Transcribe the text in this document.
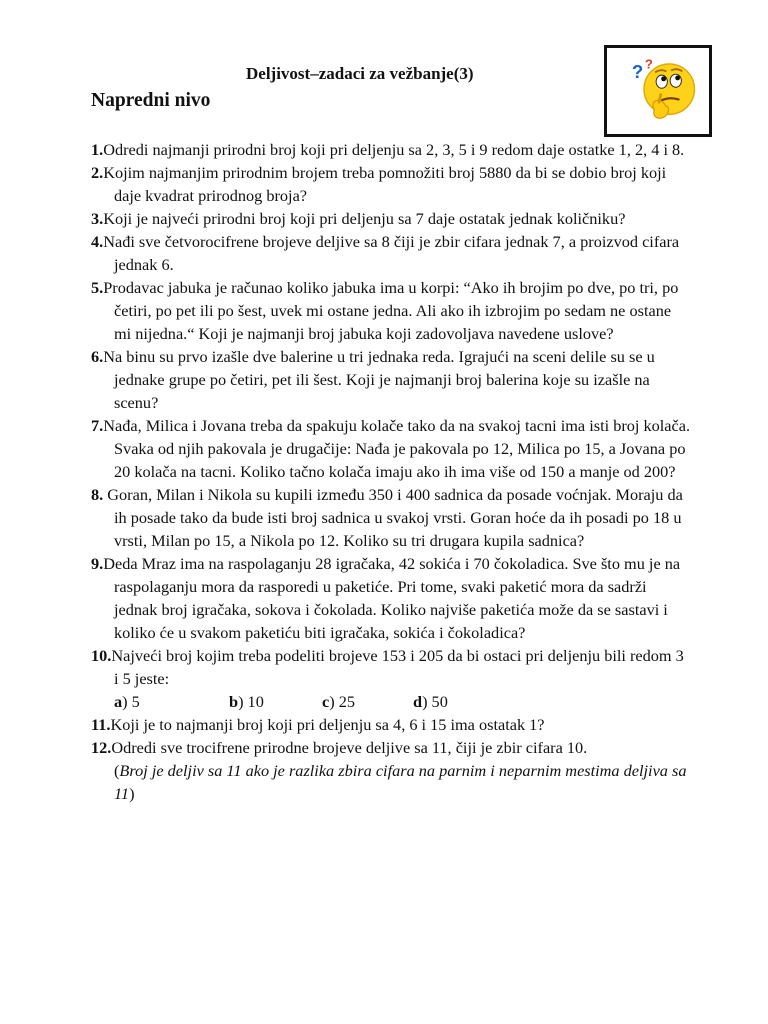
Deljivost–zadaci za vežbanje(3)
Napredni nivo
? ?

1.Odredi najmanji prirodni broj koji pri deljenju sa 2, 3, 5 i 9 redom daje ostatke 1, 2, 4 i 8.

2.Kojim najmanjim prirodnim brojem treba pomnožiti broj 5880 da bi se dobio broj koji daje kvadrat prirodnog broja?

3.Koji je najveći prirodni broj koji pri deljenju sa 7 daje ostatak jednak količniku?

4.Nađi sve četvorocifrene brojeve deljive sa 8 čiji je zbir cifara jednak 7, a proizvod cifara jednak 6.

5.Prodavac jabuka je računao koliko jabuka ima u korpi: “Ako ih brojim po dve, po tri, po četiri, po pet ili po šest, uvek mi ostane jedna. Ali ako ih izbrojim po sedam ne ostane mi nijedna.“ Koji je najmanji broj jabuka koji zadovoljava navedene uslove?

6.Na binu su prvo izašle dve balerine u tri jednaka reda. Igrajući na sceni delile su se u jednake grupe po četiri, pet ili šest. Koji je najmanji broj balerina koje su izašle na scenu?

7.Nađa, Milica i Jovana treba da spakuju kolače tako da na svakoj tacni ima isti broj kolača. Svaka od njih pakovala je drugačije: Nađa je pakovala po 12, Milica po 15, a Jovana po 20 kolača na tacni. Koliko tačno kolača imaju ako ih ima više od 150 a manje od 200?

8. Goran, Milan i Nikola su kupili između 350 i 400 sadnica da posade voćnjak. Moraju da ih posade tako da bude isti broj sadnica u svakoj vrsti. Goran hoće da ih posadi po 18 u vrsti, Milan po 15, a Nikola po 12. Koliko su tri drugara kupila sadnica?

9.Deda Mraz ima na raspolaganju 28 igračaka, 42 sokića i 70 čokoladica. Sve što mu je na raspolaganju mora da rasporedi u paketiće. Pri tome, svaki paketić mora da sadrži jednak broj igračaka, sokova i čokolada. Koliko najviše paketića može da se sastavi i koliko će u svakom paketiću biti igračaka, sokića i čokoladica?

10.Najveći broj kojim treba podeliti brojeve 153 i 205 da bi ostaci pri deljenju bili redom 3 i 5 jeste:

a) 5	b) 10	c) 25	d) 50

11.Koji je to najmanji broj koji pri deljenju sa 4, 6 i 15 ima ostatak 1?

12.Odredi sve trocifrene prirodne brojeve deljive sa 11, čiji je zbir cifara 10.

(Broj je deljiv sa 11 ako je razlika zbira cifara na parnim i neparnim mestima deljiva sa 11)
